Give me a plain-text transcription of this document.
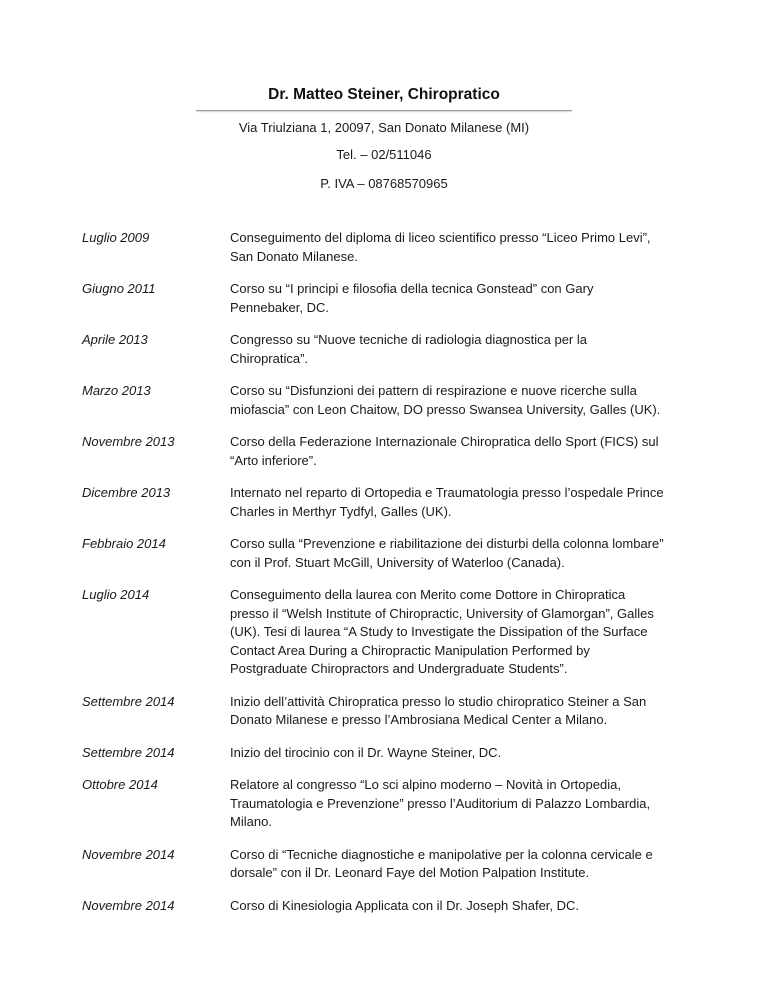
Dr. Matteo Steiner, Chiropratico
Via Triulziana 1, 20097, San Donato Milanese (MI)
Tel. – 02/511046
P. IVA – 08768570965
Luglio 2009	Conseguimento del diploma di liceo scientifico presso “Liceo Primo Levi”, San Donato Milanese.
Giugno 2011	Corso su “I principi e filosofia della tecnica Gonstead” con Gary Pennebaker, DC.
Aprile 2013	Congresso su “Nuove tecniche di radiologia diagnostica per la Chiropratica”.
Marzo 2013	Corso su “Disfunzioni dei pattern di respirazione e nuove ricerche sulla miofascia” con Leon Chaitow, DO presso Swansea University, Galles (UK).
Novembre 2013	Corso della Federazione Internazionale Chiropratica dello Sport (FICS) sul “Arto inferiore”.
Dicembre 2013	Internato nel reparto di Ortopedia e Traumatologia presso l’ospedale Prince Charles in Merthyr Tydfyl, Galles (UK).
Febbraio 2014	Corso sulla “Prevenzione e riabilitazione dei disturbi della colonna lombare” con il Prof. Stuart McGill, University of Waterloo (Canada).
Luglio 2014	Conseguimento della laurea con Merito come Dottore in Chiropratica presso il “Welsh Institute of Chiropractic, University of Glamorgan”, Galles (UK). Tesi di laurea “A Study to Investigate the Dissipation of the Surface Contact Area During a Chiropractic Manipulation Performed by Postgraduate Chiropractors and Undergraduate Students”.
Settembre 2014	Inizio dell’attività Chiropratica presso lo studio chiropratico Steiner a San Donato Milanese e presso l’Ambrosiana Medical Center a Milano.
Settembre 2014	Inizio del tirocinio con il Dr. Wayne Steiner, DC.
Ottobre 2014	Relatore al congresso “Lo sci alpino moderno – Novità in Ortopedia, Traumatologia e Prevenzione” presso l’Auditorium di Palazzo Lombardia, Milano.
Novembre 2014	Corso di “Tecniche diagnostiche e manipolative per la colonna cervicale e dorsale” con il Dr. Leonard Faye del Motion Palpation Institute.
Novembre 2014	Corso di Kinesiologia Applicata con il Dr. Joseph Shafer, DC.
